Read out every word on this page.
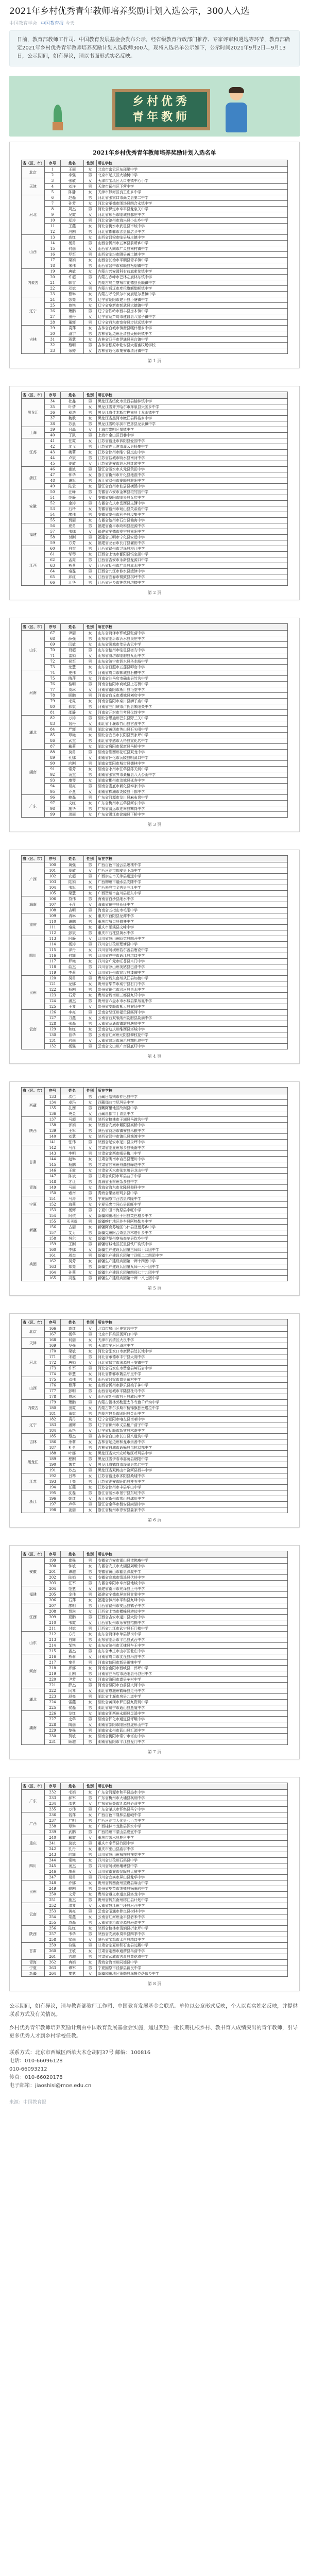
2021年乡村优秀青年教师培养奖励计划入选公示，300人入选
中国教育学会 中国教育报 今天
日前，教育部教师工作司、中国教育发展基金会发布公示，经省级教育行政部门推荐、专家评审和遴选等环节，教育部确定2021年乡村优秀青年教师培养奖励计划入选教师300人，现将入选名单公示如下，公示时间2021年9月2日—9月13日，公示期间，如有异议，请以书面形式实名反映。
乡村优秀
青年教师
2021年乡村优秀青年教师培养奖励计划入选名单
省（区、市）	序号	姓名	性别	所在学校
北京	1	王丽	女	北京市密云区东邵渠中学
	2	李强	男	北京市延庆区大榆树中学
天津	3	张敏	女	天津市宝坻区大口屯镇中心小学
	4	刘洋	男	天津市蓟州区下营中学
	5	陈静	女	天津市静海区良王庄乡中学
河北	6	赵磊	男	河北省张家口市尚义县第二中学
	7	孙芳	女	河北省承德市围场县四合永镇中学
	8	周杰	男	河北省保定市阜平县龙泉关中学
	9	吴霞	女	河北省邢台市临城县郝庄中学
	10	郑涛	男	河北省沧州市海兴县小山乡中学
	11	王燕	女	河北省衡水市武邑县审坡中学
	12	冯刚	男	河北省邯郸市涉县偏店乡中学
山西	13	高红	女	山西省吕梁市临县城庄镇中学
	14	杨勇	男	山西省忻州市五寨县前所乡中学
	15	何丽	女	山西省大同市广灵县南村镇中学
	16	罗军	男	山西省临汾市隰县黄土镇中学
	17	梁娟	女	山西省长治市平顺县青羊镇中学
	18	宋伟	男	山西省晋中市和顺县松烟镇中学
内蒙古	19	唐敏	女	内蒙古兴安盟科右前旗索伦镇中学
	20	许超	男	内蒙古赤峰市巴林左旗林东镇中学
	21	韩雪	女	内蒙古乌兰察布市化德县长顺镇中学
	22	邓斌	男	内蒙古通辽市库伦旗额勒顺镇中学
	23	曹琳	女	内蒙古呼伦贝尔市莫旗尼尔基镇中学
辽宁	24	彭亮	男	辽宁省朝阳市建平县小塘镇中学
	25	曾艳	女	辽宁省阜新市彰武县大德镇中学
	26	萧鹏	男	辽宁省铁岭市西丰县房木镇中学
	27	田丹	女	辽宁省葫芦岛市建昌县八家子镇中学
	28	董辉	男	辽宁省丹东市宽甸县步达远镇中学
吉林	29	袁萍	女	吉林省白城市镇赉县嘎什根乡中学
	30	潘宇	男	吉林省延边州汪清县天桥岭镇中学
	31	蒋慧	女	吉林省四平市伊通县景台镇中学
	32	蔡明	男	吉林省松原市乾安县大遐畜牧场学校
	33	余婷	女	吉林省通化市集安市清河镇中学
第 1 页
省（区、市）	序号	姓名	性别	所在学校
黑龙江	34	杜鑫	男	黑龙江省绥化市兰西县榆林镇中学
	35	叶倩	女	黑龙江省齐齐哈尔市拜泉县兴国乡中学
	36	程浩	男	黑龙江省佳木斯市桦南县土龙山镇中学
	37	魏欣	女	黑龙江省黑河市嫩江县科洛乡中学
	38	苏晨	男	黑龙江省哈尔滨市巴彦县龙泉镇中学
上海	39	吕晶	女	上海市崇明区堡镇中学
	40	丁凯	男	上海市金山区吕巷中学
江苏	41	任霞	女	江苏省宿迁市泗阳县爱园中学
	42	沈飞	男	江苏省连云港市灌云县杨集中学
	43	姚莉	女	江苏省徐州市睢宁县岚山中学
	44	卢斌	男	江苏省盐城市响水县南河中学
	45	姜敏	女	江苏省淮安市涟水县红窑中学
浙江	46	崔波	男	浙江省丽水市庆元县黄田中学
	47	钟华	女	浙江省衢州市开化县池淮中学
	48	谭军	男	浙江省温州市泰顺县雅阳中学
	49	陆云	女	浙江省台州市仙居县横溪中学
安徽	50	汪峰	男	安徽省六安市金寨县斑竹园中学
	51	范静	女	安徽省阜阳市临泉县瓦店中学
	52	金涛	男	安徽省安庆市岳西县主簿中学
	53	石玲	女	安徽省宿州市砀山县关帝庙中学
	54	廖伟	男	安徽省亳州市利辛县汝集中学
	55	贾丽	女	安徽省池州市石台县仙寓中学
福建	56	夏勇	男	福建省南平市政和县澄源中学
	57	韦娜	女	福建省宁德市寿宁县南阳中学
	58	付刚	男	福建省三明市宁化县安远中学
	59	方芳	女	福建省龙岩市长汀县濯田中学
江西	60	白杰	男	江西省赣州市寻乌县澄江中学
	61	邹琴	女	江西省上饶市鄱阳县银宝湖中学
	62	孟亮	男	江西省吉安市永新县龙源口中学
	63	熊燕	女	江西省抚州市广昌县赤水中学
	64	秦磊	男	江西省九江市修水县渣津中学
	65	邱红	女	江西省宜春市铜鼓县棋坪中学
	66	江华	男	江西省萍乡市莲花县坊楼中学
第 2 页
省（区、市）	序号	姓名	性别	所在学校
山东	67	尹丽	女	山东省菏泽市郓城县张营中学
	68	薛强	男	山东省临沂市沂水县泉庄中学
	69	闫敏	女	山东省聊城市莘县古云中学
	70	段超	男	山东省德州市临邑县宿安中学
	71	雷娟	女	山东省潍坊市临朐县九山中学
	72	侯军	男	山东省济宁市泗水县圣水峪中学
	73	龙慧	女	山东省日照市五莲县叩官中学
河南	74	史伟	男	河南省周口市郸城县石槽中学
	75	陶萍	女	河南省驻马店市确山县竹沟中学
	76	黎明	男	河南省信阳市商城县上石桥中学
	77	贺琳	女	河南省南阳市淅川县毛堂中学
	78	顾鹏	男	河南省商丘市虞城县刘店中学
	79	毛霞	女	河南省洛阳市栾川县狮子庙中学
	80	郝斌	男	河南省三门峡市卢氏县朱阳关中学
	81	邵静	女	河南省开封市兰考县仪封中学
湖北	82	万涛	男	湖北省恩施州巴东县野三关中学
	83	钱丹	女	湖北省十堰市竹山县官渡中学
	84	严辉	男	湖北省黄冈市英山县石头咀中学
	85	覃艳	女	湖北省宜昌市长阳县贺家坪中学
	86	武杰	男	湖北省孝感市大悟县宣化店中学
	87	戴莉	女	湖北省襄阳市保康县马桥中学
湖南	88	莫勇	男	湖南省湘西州花垣县双龙中学
	89	孔娜	女	湖南省怀化市沅陵县明溪口中学
	90	向刚	男	湖南省邵阳市城步县儒林中学
	91	常芳	女	湖南省永州市江华县涔天河中学
	92	汤杰	男	湖南省张家界市桑植县八大公山中学
	93	康琴	女	湖南省郴州市汝城县延寿中学
	94	易亮	男	湖南省娄底市新化县奉家中学
	95	乔燕	女	湖南省株洲市炎陵县十都中学
广东	96	赖磊	男	广东省河源市龙川县麻布岗中学
	97	文红	女	广东省梅州市五华县河东中学
	98	施华	男	广东省清远市连南县寨岗中学
	99	洪丽	女	广东省湛江市徐闻县下桥中学
第 3 页
省（区、市）	序号	姓名	性别	所在学校
广西	100	黄强	男	广西百色市凌云县逻楼中学
	101	蒙敏	女	广西河池市都安县下坳中学
	102	农超	男	广西崇左市天等县进远中学
	103	陆娟	女	广西柳州市融水县安陲中学
	104	韦军	男	广西来宾市金秀县三江中学
	105	梁慧	女	广西贺州市富川县朝东中学
海南	106	符伟	男	海南省白沙县细水中学
	107	王萍	女	海南省琼中县长征中学
	108	吉明	男	海南省五指山市毛阳中学
重庆	109	冉琳	女	重庆市酉阳县龙潭中学
	110	谭鹏	男	重庆市城口县修齐中学
	111	秦霞	女	重庆市巫溪县文峰中学
	112	彭斌	男	重庆市石柱县黄水中学
四川	113	阿静	女	四川省凉山州昭觉县四开中学
	114	杨涛	男	四川省甘孜州理塘县中学
	115	泽丹	女	四川省阿坝州若尔盖县唐克中学
	116	何辉	男	四川省巴中市通江县洪口中学
	117	罗艳	女	四川省广元市旺苍县木门中学
	118	曲杰	男	四川省凉山州美姑县巴普中学
	119	李莉	女	四川省达州市宣汉县漆碑中学
贵州	120	吴勇	男	贵州省黔东南州从江县加榜中学
	121	龙娜	女	贵州省毕节市威宁县石门中学
	122	杨刚	男	贵州省铜仁市沿河县黑水中学
	123	石芳	女	贵州省黔南州三都县九阡中学
	124	潘杰	男	贵州省六盘水市水城县果布戛中学
	125	王琴	女	贵州省安顺市紫云县猴场中学
云南	126	李亮	男	云南省怒江州福贡县匹河中学
	127	刀燕	女	云南省西双版纳州勐腊县勐满中学
	128	张磊	男	云南省昭通市镇雄县塘房中学
	129	和红	女	云南省迪庆州维西县塔城中学
	130	普华	男	云南省红河州元阳县攀枝花中学
	131	岩丽	女	云南省普洱市澜沧县糯扎渡中学
	132	杨强	男	云南省文山州广南县底圩中学
第 4 页
省（区、市）	序号	姓名	性别	所在学校
西藏	133	次仁	男	西藏日喀则市仲巴县中学
	134	卓玛	女	西藏那曲市尼玛县中学
	135	扎西	男	西藏阿里地区改则县中学
	136	央金	女	西藏昌都市丁青县中学
陕西	137	马超	男	陕西省榆林市子洲县马蹄沟中学
	138	郭娟	女	陕西省安康市紫阳县高桥中学
	139	王军	男	陕西省商洛市镇安县米粮中学
	140	刘慧	女	陕西省汉中市镇巴县渔渡中学
	141	张伟	男	陕西省延安市延川县永坪中学
甘肃	142	马萍	女	甘肃省临夏州东乡县锁南中学
	143	李明	男	甘肃省定西市岷县梅川中学
	144	赵琳	女	甘肃省陇南市宕昌县理川中学
	145	杨鹏	男	甘肃省甘南州舟曲县峰迭中学
	146	王霞	女	甘肃省天水市张家川县龙山中学
	147	陈斌	男	甘肃省庆阳市环县曲子中学
青海	148	才让	男	青海省玉树州杂多县中学
	149	马丽	女	青海省海东市化隆县群科中学
	150	索南	男	青海省果洛州玛多县中学
宁夏	151	马涛	男	宁夏固原市西吉县兴隆中学
	152	海燕	女	宁夏吴忠市同心县预旺中学
	153	杨辉	男	宁夏中卫市海原县李旺中学
新疆	154	阿依	女	新疆和田地区于田县英巴格乡中学
	155	买买提	男	新疆喀什地区莎车县阿热勒乡中学
	156	古丽	女	新疆阿克苏地区乌什县亚曼苏乡中学
	157	艾力	男	新疆克州阿合奇县苏木塔什乡中学
	158	努尔	女	新疆伊犁州察布查尔县坎乡中学
	159	王刚	男	新疆塔城地区托里县铁厂沟镇中学
兵团	160	李娜	女	新疆生产建设兵团第三师四十四团中学
	161	周杰	男	新疆生产建设兵团第十四师二二四团中学
	162	吴芳	女	新疆生产建设兵团第一师十四团中学
	163	郑亮	男	新疆生产建设兵团第九师一六一团中学
	164	孙燕	女	新疆生产建设兵团第四师七十九团中学
	165	冯磊	男	新疆生产建设兵团第十师一八七团中学
第 5 页
省（区、市）	序号	姓名	性别	所在学校
北京	166	高红	女	北京市房山区史家营中学
	167	杨华	男	北京市怀柔区汤河口中学
天津	168	何丽	女	天津市武清区大良中学
	169	罗强	男	天津市宁河区潘庄中学
河北	170	梁敏	女	河北省张家口市康保县处长地中学
	171	宋超	男	河北省承德市丰宁县大阁中学
	172	唐娟	女	河北省保定市涞源县王安镇中学
	173	许军	男	河北省石家庄市赞皇县嶂石岩中学
	174	韩慧	女	河北省邯郸市魏县牙里中学
山西	175	邓伟	男	山西省吕梁市岚县东村中学
	176	曹萍	女	山西省忻州市静乐县娘子神中学
	177	彭明	男	山西省运城市平陆县杜马中学
	178	曾琳	女	山西省朔州市右玉县威远中学
内蒙古	179	萧鹏	男	内蒙古锡林郭勒盟太仆寺旗千斤沟中学
	180	田霞	女	内蒙古鄂尔多斯市杭锦旗独贵塔拉中学
	181	董斌	男	内蒙古包头市固阳县金山中学
辽宁	182	袁丹	女	辽宁省朝阳市喀左县南哨中学
	183	潘辉	男	辽宁省锦州市义县稍户营子中学
	184	蒋艳	女	辽宁省抚顺市新宾县木奇中学
吉林	185	蔡杰	男	吉林省白山市长白县八道沟中学
	186	余莉	女	吉林省延边州和龙市崇善中学
	187	杜勇	男	吉林省白城市通榆县包拉温都中学
黑龙江	188	叶娜	女	黑龙江省大兴安岭地区呼玛县中学
	189	程刚	男	黑龙江省伊春市嘉荫县朝阳中学
	190	魏芳	女	黑龙江省鹤岗市绥滨县忠仁中学
	191	苏杰	男	黑龙江省双鸭山市饶河县西丰中学
江苏	192	吕琴	女	江苏省宿迁市沭阳县桑墟中学
	193	丁亮	男	江苏省淮安市盱眙县桂五中学
	194	任燕	女	江苏省徐州市丰县华山中学
浙江	195	沈磊	男	浙江省丽水市景宁县东坑中学
	196	姚红	女	浙江省衢州市常山县球川中学
	197	卢华	男	浙江省金华市磐安县尚湖中学
	198	姜丽	女	浙江省杭州市淳安县姜家中学
第 6 页
省（区、市）	序号	姓名	性别	所在学校
安徽	199	崔强	男	安徽省六安市霍山县诸佛庵中学
	200	钟敏	女	安徽省安庆市太湖县刘畈中学
	201	谭超	男	安徽省黄山市歙县深渡中学
	202	陆娟	女	安徽省宣城市绩溪县伏岭中学
	203	汪军	男	安徽省阜阳市阜南县地城中学
福建	204	范慧	女	福建省南平市光泽县止马中学
	205	金伟	男	福建省宁德市屏南县甘棠中学
	206	石萍	女	福建省漳州市平和县九峰中学
江西	207	廖明	男	江西省赣州市安远县鹤子中学
	208	贾琳	女	江西省上饶市横峰县港边中学
	209	夏鹏	男	江西省吉安市遂川县大汾中学
	210	韦霞	女	江西省抚州市乐安县招携中学
	211	付斌	男	江西省九江市武宁县石门楼中学
山东	212	方丹	女	山东省菏泽市单县浮岗中学
	213	白辉	男	山东省临沂市平邑县武台中学
	214	邹艳	女	山东省滨州市无棣县车王中学
	215	孟杰	男	山东省枣庄市山亭区北庄中学
河南	216	熊莉	女	河南省周口市沈丘县冯营中学
	217	秦勇	男	河南省信阳市新县田铺中学
	218	邱娜	女	河南省南阳市西峡县二郎坪中学
	219	江刚	男	河南省驻马店市泌阳县马谷田中学
	220	尹芳	女	河南省洛阳市嵩县车村中学
	221	薛杰	男	河南省濮阳市台前县夹河中学
湖北	222	闫琴	女	湖北省恩施州鹤峰县走马中学
	223	段亮	男	湖北省十堰市房县九道中学
	224	雷燕	女	湖北省黄冈市罗田县九资河中学
	225	侯磊	男	湖北省咸宁市通山县燕厦中学
湖南	226	龙红	女	湖南省湘西州永顺县灵溪中学
	227	史华	男	湖南省怀化市通道县坪坦中学
	228	陶丽	女	湖南省邵阳市隆回县虎形山中学
	229	黎强	男	湖南省永州市蓝山县汇源中学
	230	贺敏	女	湖南省衡阳市常宁市塔山中学
	231	顾超	男	湖南省岳阳市平江县龙门中学
第 7 页
省（区、市）	序号	姓名	性别	所在学校
广东	232	毛娟	女	广东省河源市和平县热水中学
	233	郝军	男	广东省梅州市大埔县枫朗中学
	234	邵慧	女	广东省韶关市乳源县必背中学
	235	万伟	男	广东省肇庆市怀集县马宁中学
广西	236	钱萍	女	广西百色市隆林县德峨中学
	237	严明	男	广西河池市大化县七百弄中学
	238	覃琳	女	广西桂林市龙胜县泗水中学
	239	武鹏	男	广西梧州市蒙山县夏宜中学
重庆	240	戴霞	女	重庆市彭水县鹿角中学
	241	莫斌	男	重庆市奉节县竹园中学
	242	孔丹	女	重庆市巫山县庙宇中学
四川	243	向辉	男	四川省凉山州布拖县拖觉中学
	244	常艳	女	四川省甘孜州石渠县中学
	245	汤杰	男	四川省阿坝州壤塘县中学
	246	康莉	女	四川省南充市仪陇县大寅中学
	247	易勇	男	四川省宜宾市屏山县龙华中学
贵州	248	乔娜	女	贵州省黔西南州望谟县麻山中学
	249	赖刚	男	贵州省毕节市纳雍县锅圈岩中学
	250	文芳	女	贵州省遵义市道真县洛龙中学
	251	施杰	男	贵州省黔东南州榕江县计划中学
云南	252	洪琴	女	云南省怒江州兰坪县河西中学
	253	黄亮	男	云南省昭通市彝良县树林中学
	254	蒙燕	女	云南省红河州金平县者米中学
	255	农磊	男	云南省临沧市沧源县班洪中学
陕西	256	陆红	女	陕西省榆林市清涧县折家坪中学
	257	韦华	男	陕西省安康市岚皋县四季中学
	258	梁丽	女	陕西省宝鸡市太白县靖口中学
甘肃	259	符强	男	甘肃省临夏州积石山县癿藏中学
	260	王敏	女	甘肃省定西市通渭县马营中学
	261	吉超	男	甘肃省武威市古浪县黄花滩中学
青海	262	冉娟	女	青海省海南州同德县中学
宁夏	263	谭军	男	宁夏固原市泾源县新民中学
新疆	264	秦慧	女	新疆和田地区策勒县乌鲁克萨依乡中学
第 8 页

公示期间，如有异议，请与教育部教师工作司、中国教育发展基金会联系。单位以公章形式反映，个人以真实姓名反映，并提供联系方式及有关情况。

乡村优秀青年教师培养奖励计划由中国教育发展基金会实施，通过奖励一批长期扎根乡村、教书育人成绩突出的青年教师，引导更多优秀人才到乡村学校任教。

联系方式：北京市西城区西单大木仓胡同37号 邮编：100816
电话：010-66096128
010-66093212
传真：010-66020178
电子邮箱：jiaoshisi@moe.edu.cn
来源：中国教育报
